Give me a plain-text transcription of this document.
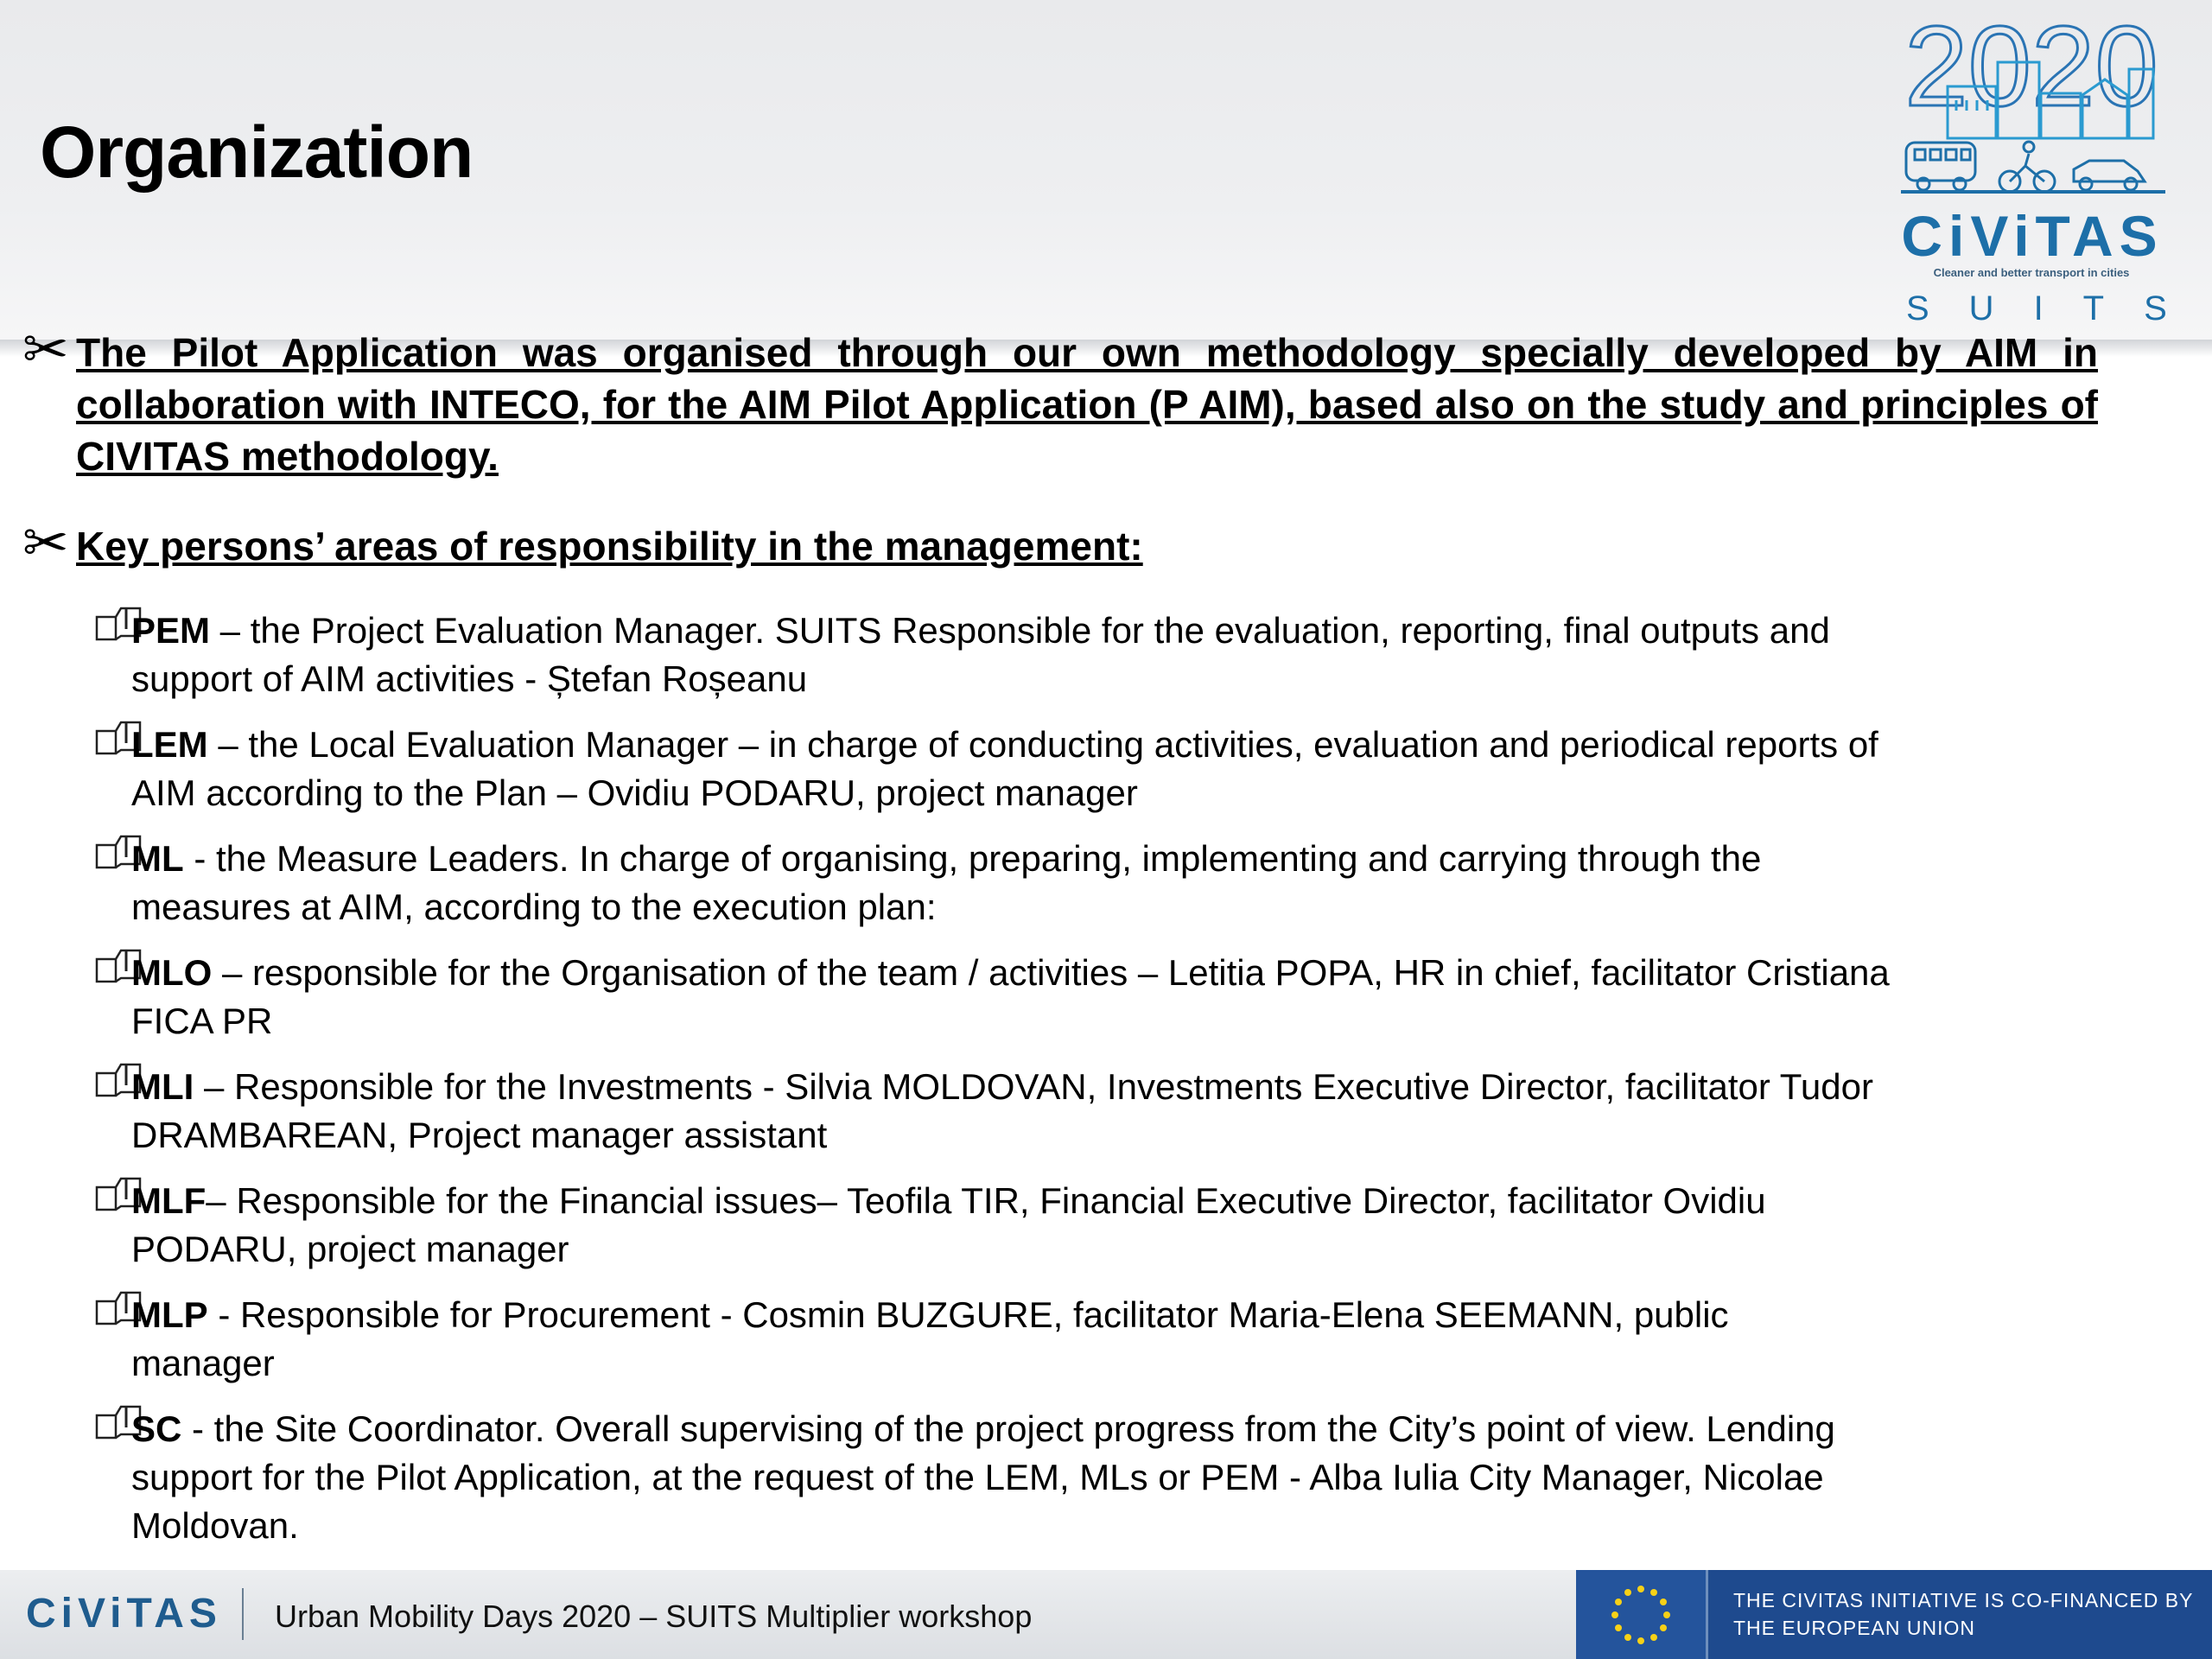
Organization
2020
CiViTAS
Cleaner and better transport in cities
SUITS
✂ The Pilot Application was organised through our own methodology specially developed by AIM in collaboration with INTECO, for the AIM Pilot Application (P AIM), based also on the study and principles of CIVITAS methodology.
✂ Key persons’ areas of responsibility in the management:
PEM – the Project Evaluation Manager. SUITS Responsible for the evaluation, reporting, final outputs and
support of AIM activities - Ștefan Roșeanu
LEM – the Local Evaluation Manager – in charge of conducting activities, evaluation and periodical reports of
AIM according to the Plan – Ovidiu PODARU, project manager
ML - the Measure Leaders. In charge of organising, preparing, implementing and carrying through the
measures at AIM, according to the execution plan:
MLO – responsible for the Organisation of the team / activities – Letitia POPA, HR in chief, facilitator Cristiana
FICA PR
MLI – Responsible for the Investments - Silvia MOLDOVAN, Investments Executive Director, facilitator Tudor
DRAMBAREAN, Project manager assistant
MLF– Responsible for the Financial issues– Teofila TIR, Financial Executive Director, facilitator Ovidiu
PODARU, project manager
MLP - Responsible for Procurement - Cosmin BUZGURE, facilitator Maria-Elena SEEMANN, public
manager
SC - the Site Coordinator. Overall supervising of the project progress from the City’s point of view. Lending
support for the Pilot Application, at the request of the LEM, MLs or PEM - Alba Iulia City Manager, Nicolae
Moldovan.
CiViTAS Urban Mobility Days 2020 – SUITS Multiplier workshop	THE CIVITAS INITIATIVE IS CO-FINANCED BY
THE EUROPEAN UNION
